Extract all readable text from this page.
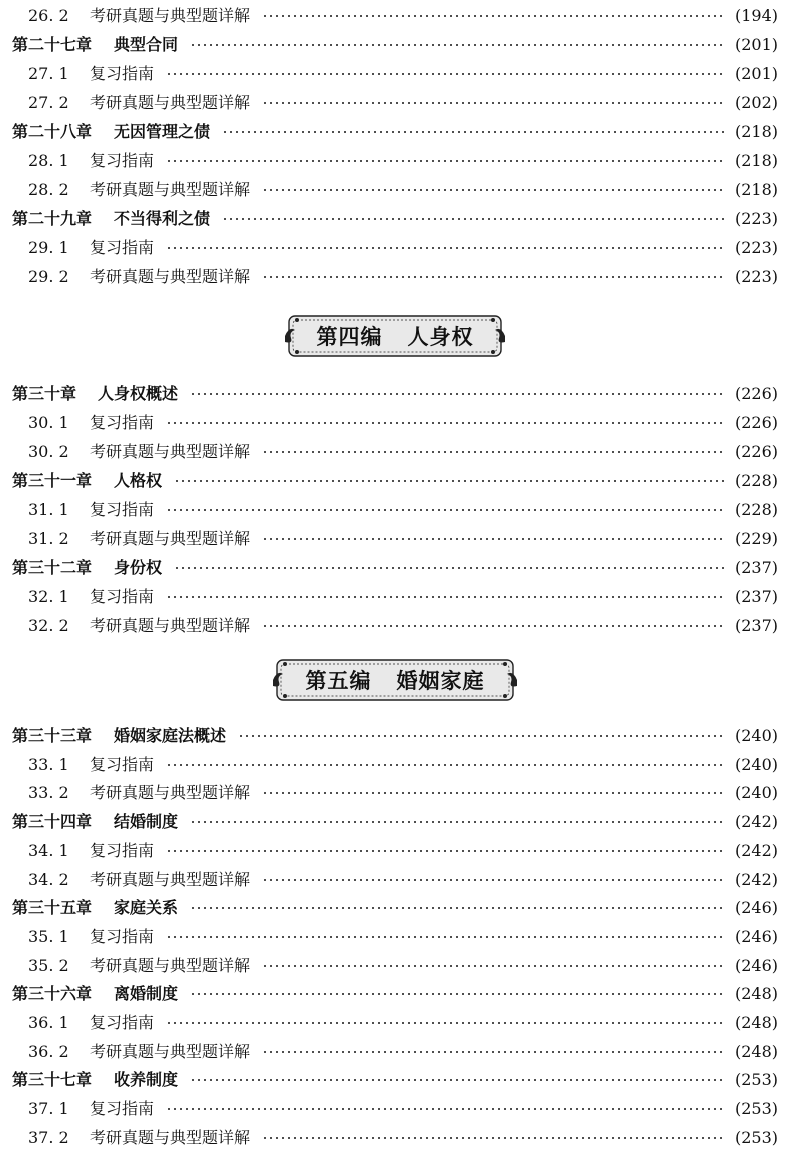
26. 2	考研真题与典型题详解	(194)
第二十七章	典型合同	(201)
27. 1	复习指南	(201)
27. 2	考研真题与典型题详解	(202)
第二十八章	无因管理之债	(218)
28. 1	复习指南	(218)
28. 2	考研真题与典型题详解	(218)
第二十九章	不当得利之债	(223)
29. 1	复习指南	(223)
29. 2	考研真题与典型题详解	(223)
第四编 人身权
第三十章	人身权概述	(226)
30. 1	复习指南	(226)
30. 2	考研真题与典型题详解	(226)
第三十一章	人格权	(228)
31. 1	复习指南	(228)
31. 2	考研真题与典型题详解	(229)
第三十二章	身份权	(237)
32. 1	复习指南	(237)
32. 2	考研真题与典型题详解	(237)
第五编 婚姻家庭
第三十三章	婚姻家庭法概述	(240)
33. 1	复习指南	(240)
33. 2	考研真题与典型题详解	(240)
第三十四章	结婚制度	(242)
34. 1	复习指南	(242)
34. 2	考研真题与典型题详解	(242)
第三十五章	家庭关系	(246)
35. 1	复习指南	(246)
35. 2	考研真题与典型题详解	(246)
第三十六章	离婚制度	(248)
36. 1	复习指南	(248)
36. 2	考研真题与典型题详解	(248)
第三十七章	收养制度	(253)
37. 1	复习指南	(253)
37. 2	考研真题与典型题详解	(253)
